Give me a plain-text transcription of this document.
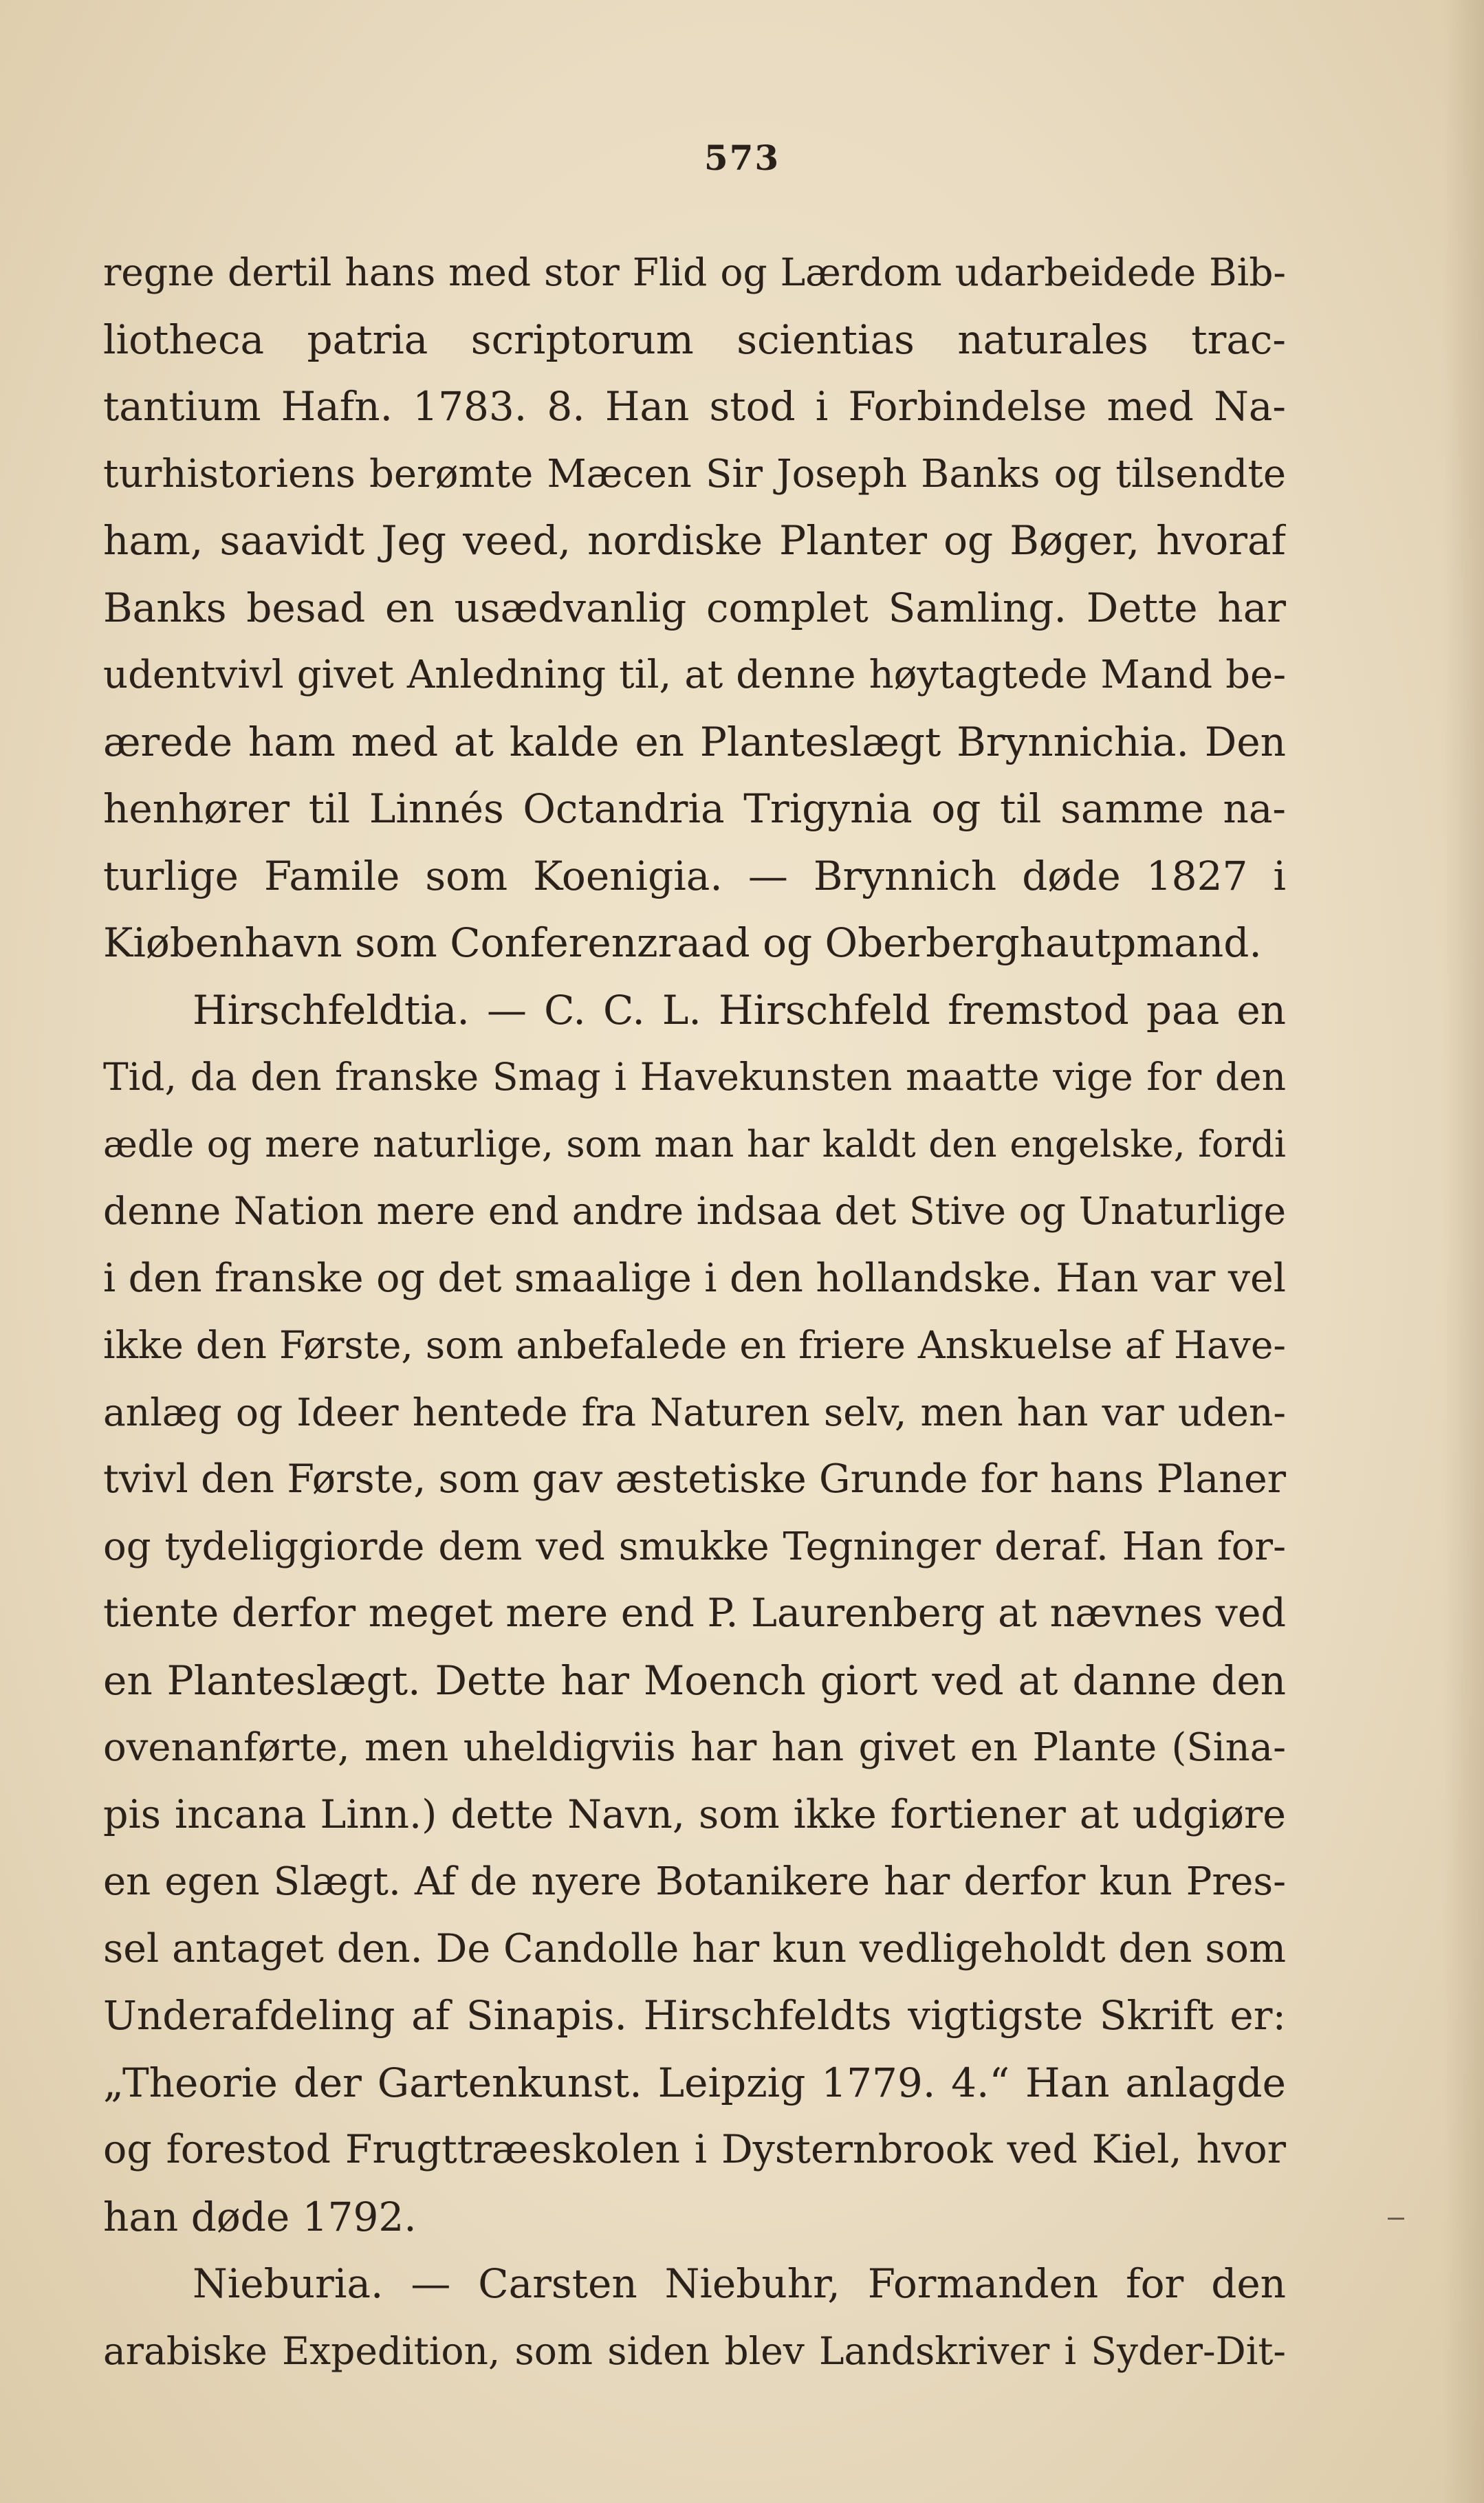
573
regne dertil hans med stor Flid og Lærdom udarbeidede Bib-
liotheca patria scriptorum scientias naturales trac-
tantium Hafn. 1783. 8. Han stod i Forbindelse med Na-
turhistoriens berømte Mæcen Sir Joseph Banks og tilsendte
ham, saavidt Jeg veed, nordiske Planter og Bøger, hvoraf
Banks besad en usædvanlig complet Samling. Dette har
udentvivl givet Anledning til, at denne høytagtede Mand be-
ærede ham med at kalde en Planteslægt Brynnichia. Den
henhører til Linnés Octandria Trigynia og til samme na-
turlige Famile som Koenigia. — Brynnich døde 1827 i
Kiøbenhavn som Conferenzraad og Oberberghautpmand.
Hirschfeldtia. — C. C. L. Hirschfeld fremstod paa en
Tid, da den franske Smag i Havekunsten maatte vige for den
ædle og mere naturlige, som man har kaldt den engelske, fordi
denne Nation mere end andre indsaa det Stive og Unaturlige
i den franske og det smaalige i den hollandske. Han var vel
ikke den Første, som anbefalede en friere Anskuelse af Have-
anlæg og Ideer hentede fra Naturen selv, men han var uden-
tvivl den Første, som gav æstetiske Grunde for hans Planer
og tydeliggiorde dem ved smukke Tegninger deraf. Han for-
tiente derfor meget mere end P. Laurenberg at nævnes ved
en Planteslægt. Dette har Moench giort ved at danne den
ovenanførte, men uheldigviis har han givet en Plante (Sina-
pis incana Linn.) dette Navn, som ikke fortiener at udgiøre
en egen Slægt. Af de nyere Botanikere har derfor kun Pres-
sel antaget den. De Candolle har kun vedligeholdt den som
Underafdeling af Sinapis. Hirschfeldts vigtigste Skrift er:
„Theorie der Gartenkunst. Leipzig 1779. 4.“ Han anlagde
og forestod Frugttræeskolen i Dysternbrook ved Kiel, hvor
han døde 1792.
Nieburia. — Carsten Niebuhr, Formanden for den
arabiske Expedition, som siden blev Landskriver i Syder-Dit-
